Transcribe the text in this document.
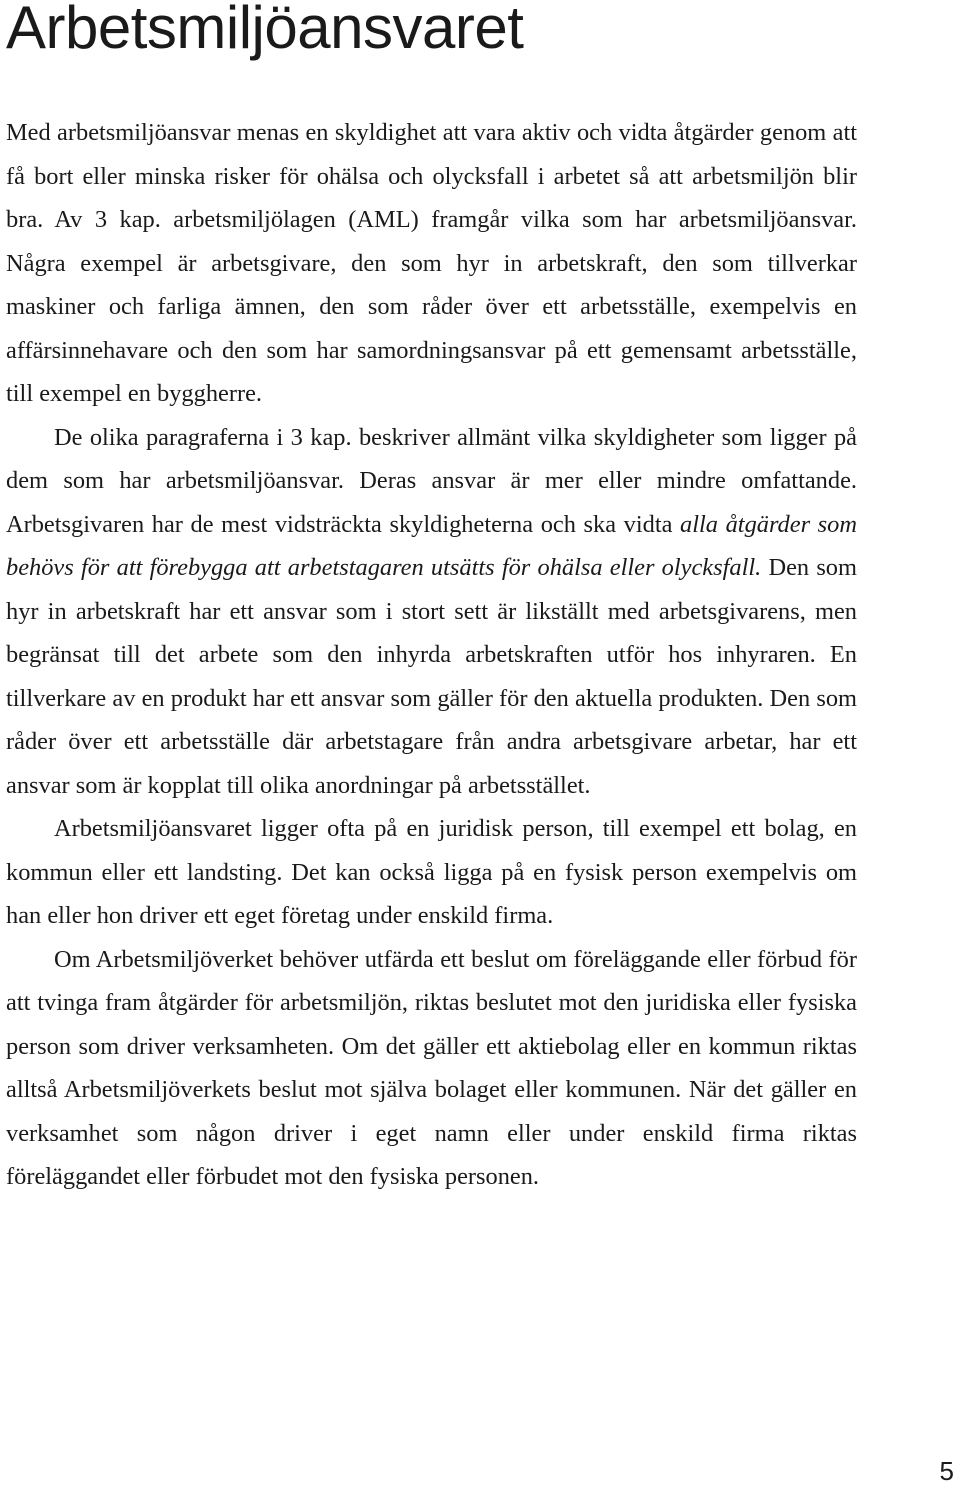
Arbetsmiljöansvaret

Med arbetsmiljöansvar menas en skyldighet att vara aktiv och vidta åtgärder genom att få bort eller minska risker för ohälsa och olycksfall i arbetet så att arbetsmiljön blir bra. Av 3 kap. arbetsmiljölagen (AML) framgår vilka som har arbetsmiljöansvar. Några exempel är arbetsgivare, den som hyr in arbetskraft, den som tillverkar maskiner och farliga ämnen, den som råder över ett arbetsställe, exempelvis en affärsinnehavare och den som har samordningsansvar på ett gemensamt arbetsställe, till exempel en byggherre.

De olika paragraferna i 3 kap. beskriver allmänt vilka skyldigheter som ligger på dem som har arbetsmiljöansvar. Deras ansvar är mer eller mindre omfattande. Arbetsgivaren har de mest vidsträckta skyldigheterna och ska vidta alla åtgärder som behövs för att förebygga att arbetstagaren utsätts för ohälsa eller olycksfall. Den som hyr in arbetskraft har ett ansvar som i stort sett är likställt med arbetsgivarens, men begränsat till det arbete som den inhyrda arbetskraften utför hos inhyraren. En tillverkare av en produkt har ett ansvar som gäller för den aktuella produkten. Den som råder över ett arbetsställe där arbetstagare från andra arbetsgivare arbetar, har ett ansvar som är kopplat till olika anordningar på arbetsstället.

Arbetsmiljöansvaret ligger ofta på en juridisk person, till exempel ett bolag, en kommun eller ett landsting. Det kan också ligga på en fysisk person exempelvis om han eller hon driver ett eget företag under enskild firma.

Om Arbetsmiljöverket behöver utfärda ett beslut om föreläggande eller förbud för att tvinga fram åtgärder för arbetsmiljön, riktas beslutet mot den juridiska eller fysiska person som driver verksamheten. Om det gäller ett aktiebolag eller en kommun riktas alltså Arbetsmiljöverkets beslut mot själva bolaget eller kommunen. När det gäller en verksamhet som någon driver i eget namn eller under enskild firma riktas föreläggandet eller förbudet mot den fysiska personen.

5
